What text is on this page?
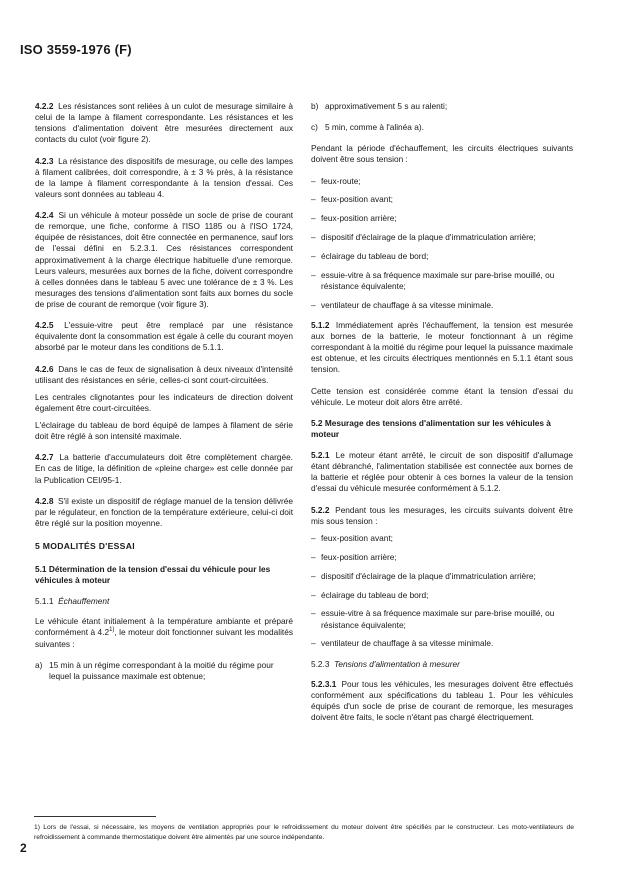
ISO 3559-1976 (F)

4.2.2 Les résistances sont reliées à un culot de mesurage similaire à celui de la lampe à filament correspondante. Les résistances et les tensions d'alimentation doivent être mesurées directement aux contacts du culot (voir figure 2).

4.2.3 La résistance des dispositifs de mesurage, ou celle des lampes à filament calibrées, doit correspondre, à ± 3 % près, à la résistance de la lampe à filament correspondante à la tension d'essai. Ces valeurs sont données au tableau 4.

4.2.4 Si un véhicule à moteur possède un socle de prise de courant de remorque, une fiche, conforme à l'ISO 1185 ou à l'ISO 1724, équipée de résistances, doit être connectée en permanence, sauf lors de l'essai défini en 5.2.3.1. Ces résistances correspondent approximativement à la charge électrique habituelle d'une remorque. Leurs valeurs, mesurées aux bornes de la fiche, doivent correspondre à celles données dans le tableau 5 avec une tolérance de ± 3 %. Les mesurages des tensions d'alimentation sont faits aux bornes du socle de prise de courant de remorque (voir figure 3).

4.2.5 L'essuie-vitre peut être remplacé par une résistance équivalente dont la consommation est égale à celle du courant moyen absorbé par le moteur dans les conditions de 5.1.1.

4.2.6 Dans le cas de feux de signalisation à deux niveaux d'intensité utilisant des résistances en série, celles-ci sont court-circuitées.

Les centrales clignotantes pour les indicateurs de direction doivent également être court-circuitées.

L'éclairage du tableau de bord équipé de lampes à filament de série doit être réglé à son intensité maximale.

4.2.7 La batterie d'accumulateurs doit être complètement chargée. En cas de litige, la définition de «pleine charge» est celle donnée par la Publication CEI/95-1.

4.2.8 S'il existe un dispositif de réglage manuel de la tension délivrée par le régulateur, en fonction de la température extérieure, celui-ci doit être réglé sur la position moyenne.

5 MODALITÉS D'ESSAI
5.1 Détermination de la tension d'essai du véhicule pour les véhicules à moteur
5.1.1 Échauffement

Le véhicule étant initialement à la température ambiante et préparé conformément à 4.2$^{1)}$, le moteur doit fonctionner suivant les modalités suivantes :

a) 15 min à un régime correspondant à la moitié du régime pour lequel la puissance maximale est obtenue;
b) approximativement 5 s au ralenti;
c) 5 min, comme à l'alinéa a).

Pendant la période d'échauffement, les circuits électriques suivants doivent être sous tension :

– feux-route;
– feux-position avant;
– feux-position arrière;
– dispositif d'éclairage de la plaque d'immatriculation arrière;
– éclairage du tableau de bord;
– essuie-vitre à sa fréquence maximale sur pare-brise mouillé, ou résistance équivalente;
– ventilateur de chauffage à sa vitesse minimale.

5.1.2 Immédiatement après l'échauffement, la tension est mesurée aux bornes de la batterie, le moteur fonctionnant à un régime correspondant à la moitié du régime pour lequel la puissance maximale est obtenue, et les circuits électriques mentionnés en 5.1.1 étant sous tension.

Cette tension est considérée comme étant la tension d'essai du véhicule. Le moteur doit alors être arrêté.

5.2 Mesurage des tensions d'alimentation sur les véhicules à moteur

5.2.1 Le moteur étant arrêté, le circuit de son dispositif d'allumage étant débranché, l'alimentation stabilisée est connectée aux bornes de la batterie et réglée pour obtenir à ces bornes la valeur de la tension d'essai du véhicule mesurée conformément à 5.1.2.

5.2.2 Pendant tous les mesurages, les circuits suivants doivent être mis sous tension :

– feux-position avant;
– feux-position arrière;
– dispositif d'éclairage de la plaque d'immatriculation arrière;
– éclairage du tableau de bord;
– essuie-vitre à sa fréquence maximale sur pare-brise mouillé, ou résistance équivalente;
– ventilateur de chauffage à sa vitesse minimale.
5.2.3 Tensions d'alimentation à mesurer

5.2.3.1 Pour tous les véhicules, les mesurages doivent être effectués conformément aux spécifications du tableau 1. Pour les véhicules équipés d'un socle de prise de courant de remorque, les mesurages doivent être faits, le socle n'étant pas chargé électriquement.

1) Lors de l'essai, si nécessaire, les moyens de ventilation appropriés pour le refroidissement du moteur doivent être spécifiés par le constructeur. Les moto-ventilateurs de refroidissement à commande thermostatique doivent être alimentés par une source indépendante.
2
